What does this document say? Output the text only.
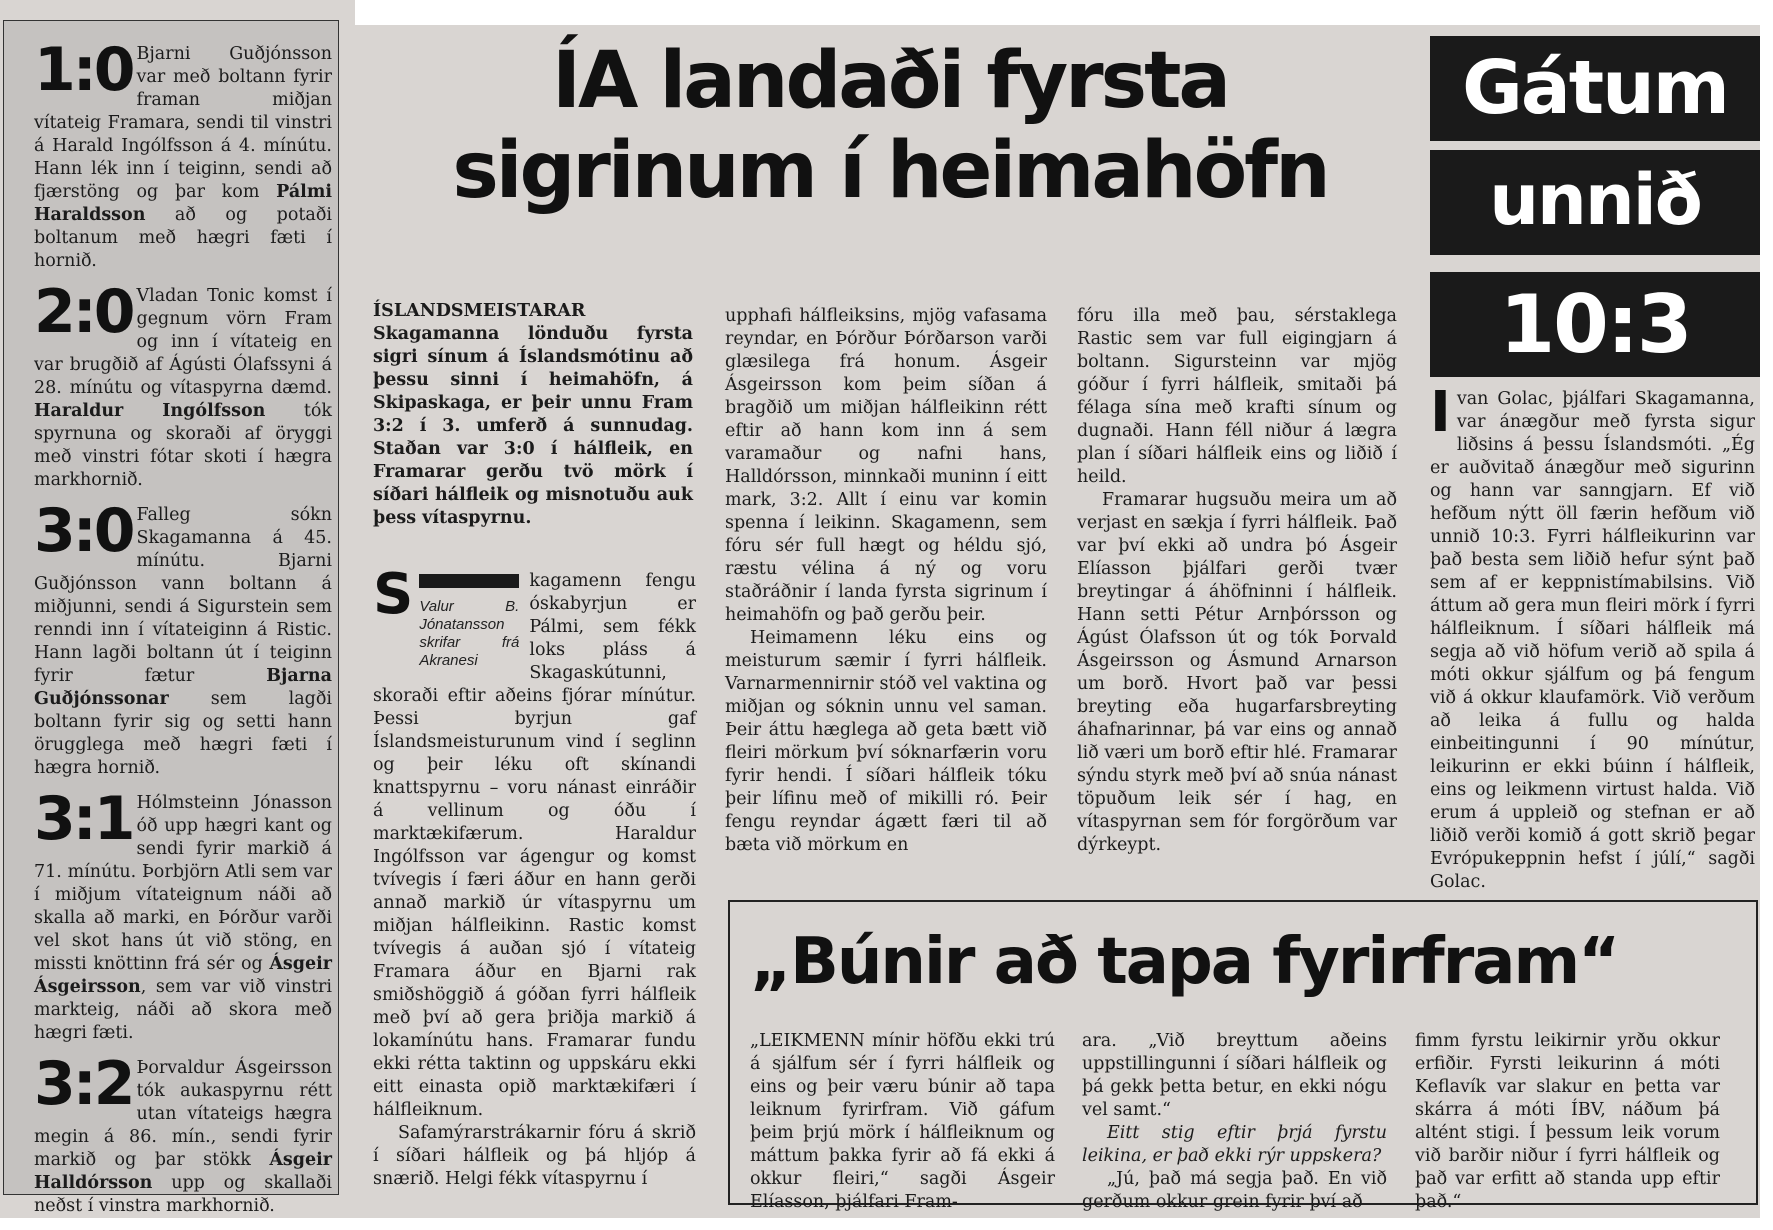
1:0 Bjarni Guðjónsson var með boltann fyrir framan miðjan vítateig Framara, sendi til vinstri á Harald Ingólfsson á 4. mínútu. Hann lék inn í teiginn, sendi að fjærstöng og þar kom Pálmi Haraldsson að og potaði boltanum með hægri fæti í hornið.

2:0 Vladan Tonic komst í gegnum vörn Fram og inn í vítateig en var brugðið af Ágústi Ólafssyni á 28. mínútu og vítaspyrna dæmd. Haraldur Ingólfsson tók spyrnuna og skoraði af öryggi með vinstri fótar skoti í hægra markhornið.

3:0 Falleg sókn Skagamanna á 45. mínútu. Bjarni Guðjónsson vann boltann á miðjunni, sendi á Sigurstein sem renndi inn í vítateiginn á Ristic. Hann lagði boltann út í teiginn fyrir fætur Bjarna Guðjónssonar sem lagði boltann fyrir sig og setti hann örugglega með hægri fæti í hægra hornið.

3:1 Hólmsteinn Jónasson óð upp hægri kant og sendi fyrir markið á 71. mínútu. Þorbjörn Atli sem var í miðjum vítateignum náði að skalla að marki, en Þórður varði vel skot hans út við stöng, en missti knöttinn frá sér og Ásgeir Ásgeirsson, sem var við vinstri markteig, náði að skora með hægri fæti.

3:2 Þorvaldur Ásgeirsson tók aukaspyrnu rétt utan vítateigs hægra megin á 86. mín., sendi fyrir markið og þar stökk Ásgeir Halldórsson upp og skallaði neðst í vinstra markhornið.

ÍA landaði fyrsta
sigrinum í heimahöfn
Gátum
unnið
10:3

ÍSLANDSMEISTARAR Skagamanna lönduðu fyrsta sigri sínum á Íslandsmótinu að þessu sinni í heimahöfn, á Skipaskaga, er þeir unnu Fram 3:2 í 3. umferð á sunnudag. Staðan var 3:0 í hálfleik, en Framarar gerðu tvö mörk í síðari hálfleik og misnotuðu auk þess vítaspyrnu.

S Valur B. Jónatansson skrifar frá Akranesi
kagamenn fengu óskabyrjun er Pálmi, sem fékk loks pláss á Skagaskútunni, skoraði eftir aðeins fjórar mínútur. Þessi byrjun gaf Íslandsmeisturunum vind í seglinn og þeir léku oft skínandi knattspyrnu – voru nánast einráðir á vellinum og óðu í marktækifærum. Haraldur Ingólfsson var ágengur og komst tvívegis í færi áður en hann gerði annað markið úr vítaspyrnu um miðjan hálfleikinn. Rastic komst tvívegis á auðan sjó í vítateig Framara áður en Bjarni rak smiðshöggið á góðan fyrri hálfleik með því að gera þriðja markið á lokamínútu hans. Framarar fundu ekki rétta taktinn og uppskáru ekki eitt einasta opið marktækifæri í hálfleiknum.

Safamýrarstrákarnir fóru á skrið í síðari hálfleik og þá hljóp á snærið. Helgi fékk vítaspyrnu í

upphafi hálfleiksins, mjög vafasama reyndar, en Þórður Þórðarson varði glæsilega frá honum. Ásgeir Ásgeirsson kom þeim síðan á bragðið um miðjan hálfleikinn rétt eftir að hann kom inn á sem varamaður og nafni hans, Halldórsson, minnkaði muninn í eitt mark, 3:2. Allt í einu var komin spenna í leikinn. Skagamenn, sem fóru sér full hægt og héldu sjó, ræstu vélina á ný og voru staðráðnir í landa fyrsta sigrinum í heimahöfn og það gerðu þeir.

Heimamenn léku eins og meisturum sæmir í fyrri hálfleik. Varnarmennirnir stóð vel vaktina og miðjan og sóknin unnu vel saman. Þeir áttu hæglega að geta bætt við fleiri mörkum því sóknarfærin voru fyrir hendi. Í síðari hálfleik tóku þeir lífinu með of mikilli ró. Þeir fengu reyndar ágætt færi til að bæta við mörkum en

fóru illa með þau, sérstaklega Rastic sem var full eigingjarn á boltann. Sigursteinn var mjög góður í fyrri hálfleik, smitaði þá félaga sína með krafti sínum og dugnaði. Hann féll niður á lægra plan í síðari hálfleik eins og liðið í heild.

Framarar hugsuðu meira um að verjast en sækja í fyrri hálfleik. Það var því ekki að undra þó Ásgeir Elíasson þjálfari gerði tvær breytingar á áhöfninni í hálfleik. Hann setti Pétur Arnþórsson og Ágúst Ólafsson út og tók Þorvald Ásgeirsson og Ásmund Arnarson um borð. Hvort það var þessi breyting eða hugarfarsbreyting áhafnarinnar, þá var eins og annað lið væri um borð eftir hlé. Framarar sýndu styrk með því að snúa nánast töpuðum leik sér í hag, en vítaspyrnan sem fór forgörðum var dýrkeypt.

Ivan Golac, þjálfari Skagamanna, var ánægður með fyrsta sigur liðsins á þessu Íslandsmóti. „Ég er auðvitað ánægður með sigurinn og hann var sanngjarn. Ef við hefðum nýtt öll færin hefðum við unnið 10:3. Fyrri hálfleikurinn var það besta sem liðið hefur sýnt það sem af er keppnistímabilsins. Við áttum að gera mun fleiri mörk í fyrri hálfleiknum. Í síðari hálfleik má segja að við höfum verið að spila á móti okkur sjálfum og þá fengum við á okkur klaufamörk. Við verðum að leika á fullu og halda einbeitingunni í 90 mínútur, leikurinn er ekki búinn í hálfleik, eins og leikmenn virtust halda. Við erum á uppleið og stefnan er að liðið verði komið á gott skrið þegar Evrópukeppnin hefst í júlí,“ sagði Golac.

„Búnir að tapa fyrirfram“

„LEIKMENN mínir höfðu ekki trú á sjálfum sér í fyrri hálfleik og eins og þeir væru búnir að tapa leiknum fyrirfram. Við gáfum þeim þrjú mörk í hálfleiknum og máttum þakka fyrir að fá ekki á okkur fleiri,“ sagði Ásgeir Elíasson, þjálfari Fram-

ara. „Við breyttum aðeins uppstillingunni í síðari hálfleik og þá gekk þetta betur, en ekki nógu vel samt.“

Eitt stig eftir þrjá fyrstu leikina, er það ekki rýr uppskera?

„Jú, það má segja það. En við gerðum okkur grein fyrir því að

fimm fyrstu leikirnir yrðu okkur erfiðir. Fyrsti leikurinn á móti Keflavík var slakur en þetta var skárra á móti ÍBV, náðum þá altént stigi. Í þessum leik vorum við barðir niður í fyrri hálfleik og það var erfitt að standa upp eftir það.“
